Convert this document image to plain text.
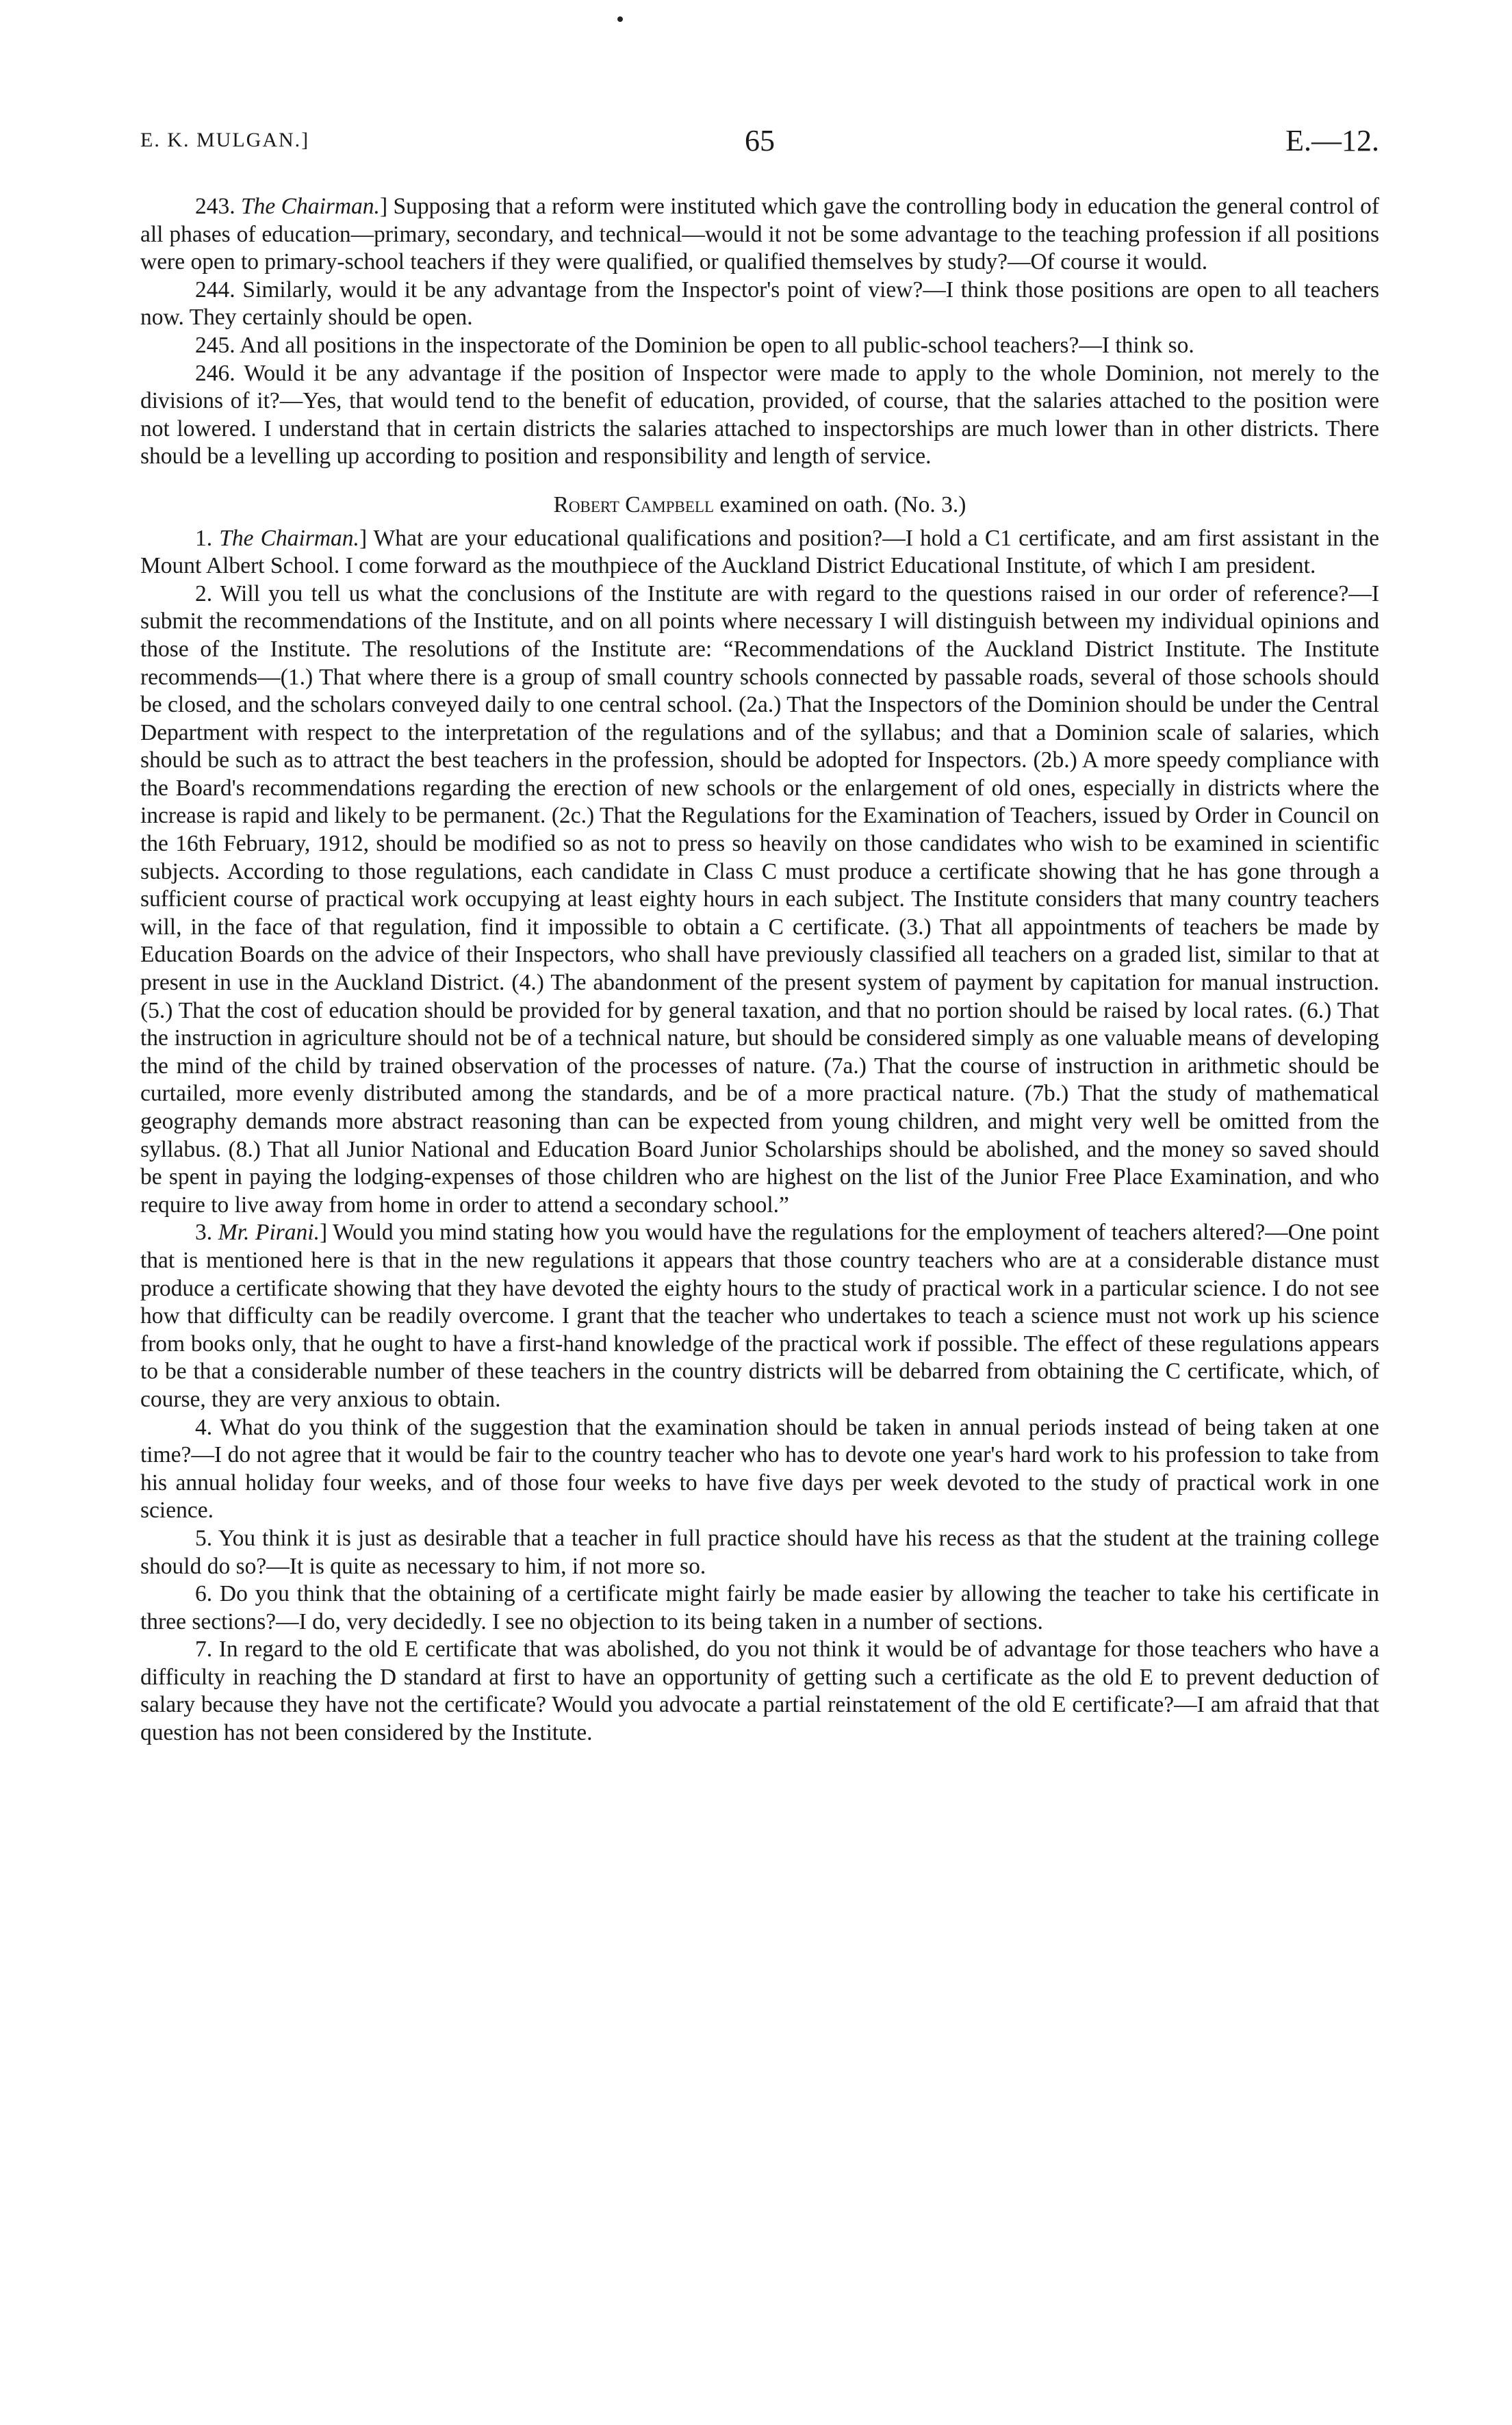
E. K. MULGAN.]	65	E.—12.

243. The Chairman.] Supposing that a reform were instituted which gave the controlling body in education the general control of all phases of education—primary, secondary, and technical—would it not be some advantage to the teaching profession if all positions were open to primary-school teachers if they were qualified, or qualified themselves by study?—Of course it would.

244. Similarly, would it be any advantage from the Inspector's point of view?—I think those positions are open to all teachers now. They certainly should be open.

245. And all positions in the inspectorate of the Dominion be open to all public-school teachers?—I think so.

246. Would it be any advantage if the position of Inspector were made to apply to the whole Dominion, not merely to the divisions of it?—Yes, that would tend to the benefit of education, provided, of course, that the salaries attached to the position were not lowered. I understand that in certain districts the salaries attached to inspectorships are much lower than in other districts. There should be a levelling up according to position and responsibility and length of service.

Robert Campbell examined on oath. (No. 3.)

1. The Chairman.] What are your educational qualifications and position?—I hold a C1 certificate, and am first assistant in the Mount Albert School. I come forward as the mouthpiece of the Auckland District Educational Institute, of which I am president.

2. Will you tell us what the conclusions of the Institute are with regard to the questions raised in our order of reference?—I submit the recommendations of the Institute, and on all points where necessary I will distinguish between my individual opinions and those of the Institute. The resolutions of the Institute are: “Recommendations of the Auckland District Institute. The Institute recommends—(1.) That where there is a group of small country schools connected by passable roads, several of those schools should be closed, and the scholars conveyed daily to one central school. (2a.) That the Inspectors of the Dominion should be under the Central Department with respect to the interpretation of the regulations and of the syllabus; and that a Dominion scale of salaries, which should be such as to attract the best teachers in the profession, should be adopted for Inspectors. (2b.) A more speedy compliance with the Board's recommendations regarding the erection of new schools or the enlargement of old ones, especially in districts where the increase is rapid and likely to be permanent. (2c.) That the Regulations for the Examination of Teachers, issued by Order in Council on the 16th February, 1912, should be modified so as not to press so heavily on those candidates who wish to be examined in scientific subjects. According to those regulations, each candidate in Class C must produce a certificate showing that he has gone through a sufficient course of practical work occupying at least eighty hours in each subject. The Institute considers that many country teachers will, in the face of that regulation, find it impossible to obtain a C certificate. (3.) That all appointments of teachers be made by Education Boards on the advice of their Inspectors, who shall have previously classified all teachers on a graded list, similar to that at present in use in the Auckland District. (4.) The abandonment of the present system of payment by capitation for manual instruction. (5.) That the cost of education should be provided for by general taxation, and that no portion should be raised by local rates. (6.) That the instruction in agriculture should not be of a technical nature, but should be considered simply as one valuable means of developing the mind of the child by trained observation of the processes of nature. (7a.) That the course of instruction in arithmetic should be curtailed, more evenly distributed among the standards, and be of a more practical nature. (7b.) That the study of mathematical geography demands more abstract reasoning than can be expected from young children, and might very well be omitted from the syllabus. (8.) That all Junior National and Education Board Junior Scholarships should be abolished, and the money so saved should be spent in paying the lodging-expenses of those children who are highest on the list of the Junior Free Place Examination, and who require to live away from home in order to attend a secondary school.”

3. Mr. Pirani.] Would you mind stating how you would have the regulations for the employment of teachers altered?—One point that is mentioned here is that in the new regulations it appears that those country teachers who are at a considerable distance must produce a certificate showing that they have devoted the eighty hours to the study of practical work in a particular science. I do not see how that difficulty can be readily overcome. I grant that the teacher who undertakes to teach a science must not work up his science from books only, that he ought to have a first-hand knowledge of the practical work if possible. The effect of these regulations appears to be that a considerable number of these teachers in the country districts will be debarred from obtaining the C certificate, which, of course, they are very anxious to obtain.

4. What do you think of the suggestion that the examination should be taken in annual periods instead of being taken at one time?—I do not agree that it would be fair to the country teacher who has to devote one year's hard work to his profession to take from his annual holiday four weeks, and of those four weeks to have five days per week devoted to the study of practical work in one science.

5. You think it is just as desirable that a teacher in full practice should have his recess as that the student at the training college should do so?—It is quite as necessary to him, if not more so.

6. Do you think that the obtaining of a certificate might fairly be made easier by allowing the teacher to take his certificate in three sections?—I do, very decidedly. I see no objection to its being taken in a number of sections.

7. In regard to the old E certificate that was abolished, do you not think it would be of advantage for those teachers who have a difficulty in reaching the D standard at first to have an opportunity of getting such a certificate as the old E to prevent deduction of salary because they have not the certificate? Would you advocate a partial reinstatement of the old E certificate?—I am afraid that that question has not been considered by the Institute.
